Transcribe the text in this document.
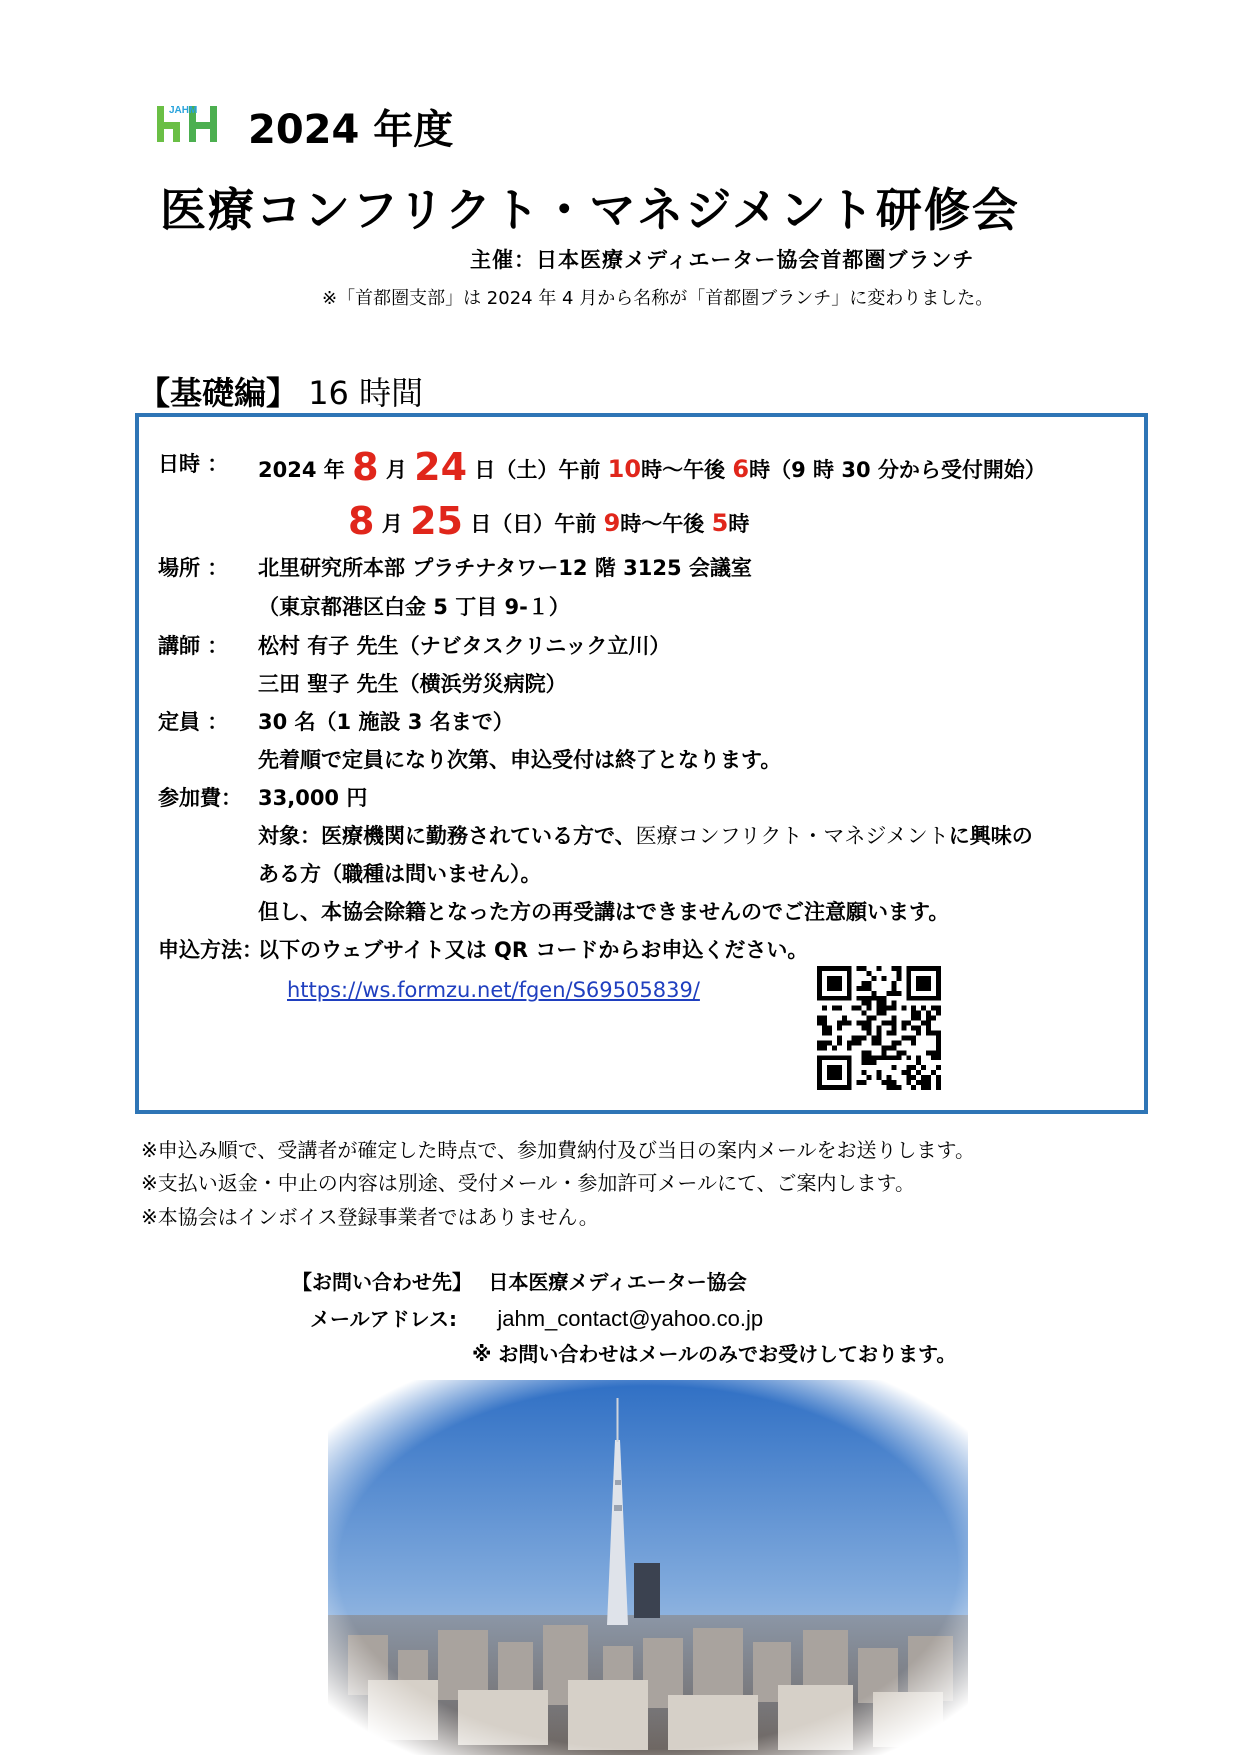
JAHM 2024 年度
医療コンフリクト・マネジメント研修会
主催：日本医療メディエーター協会首都圏ブランチ
※「首都圏支部」は 2024 年 4 月から名称が「首都圏ブランチ」に変わりました。
【基礎編】 16 時間
日時 ： 2024 年 8 月 24 日（土）午前 10時～午後 6時（9 時 30 分から受付開始）
8 月 25 日（日）午前 9時～午後 5時
場所 ： 北里研究所本部 プラチナタワー12 階 3125 会議室
（東京都港区白金 5 丁目 9-１）
講師 ： 松村 有子 先生（ナビタスクリニック立川）
三田 聖子 先生（横浜労災病院）
定員 ： 30 名（1 施設 3 名まで）
先着順で定員になり次第、申込受付は終了となります。
参加費： 33,000 円
対象：医療機関に勤務されている方で、医療コンフリクト・マネジメントに興味の
ある方（職種は問いません）。
但し、本協会除籍となった方の再受講はできませんのでご注意願います。
申込方法：
以下のウェブサイト又は QR コードからお申込ください。
https://ws.formzu.net/fgen/S69505839/
※申込み順で、受講者が確定した時点で、参加費納付及び当日の案内メールをお送りします。
※支払い返金・中止の内容は別途、受付メール・参加許可メールにて、ご案内します。
※本協会はインボイス登録事業者ではありません。
【お問い合わせ先】 日本医療メディエーター協会
メールアドレス: jahm_contact@yahoo.co.jp
※ お問い合わせはメールのみでお受けしております。
